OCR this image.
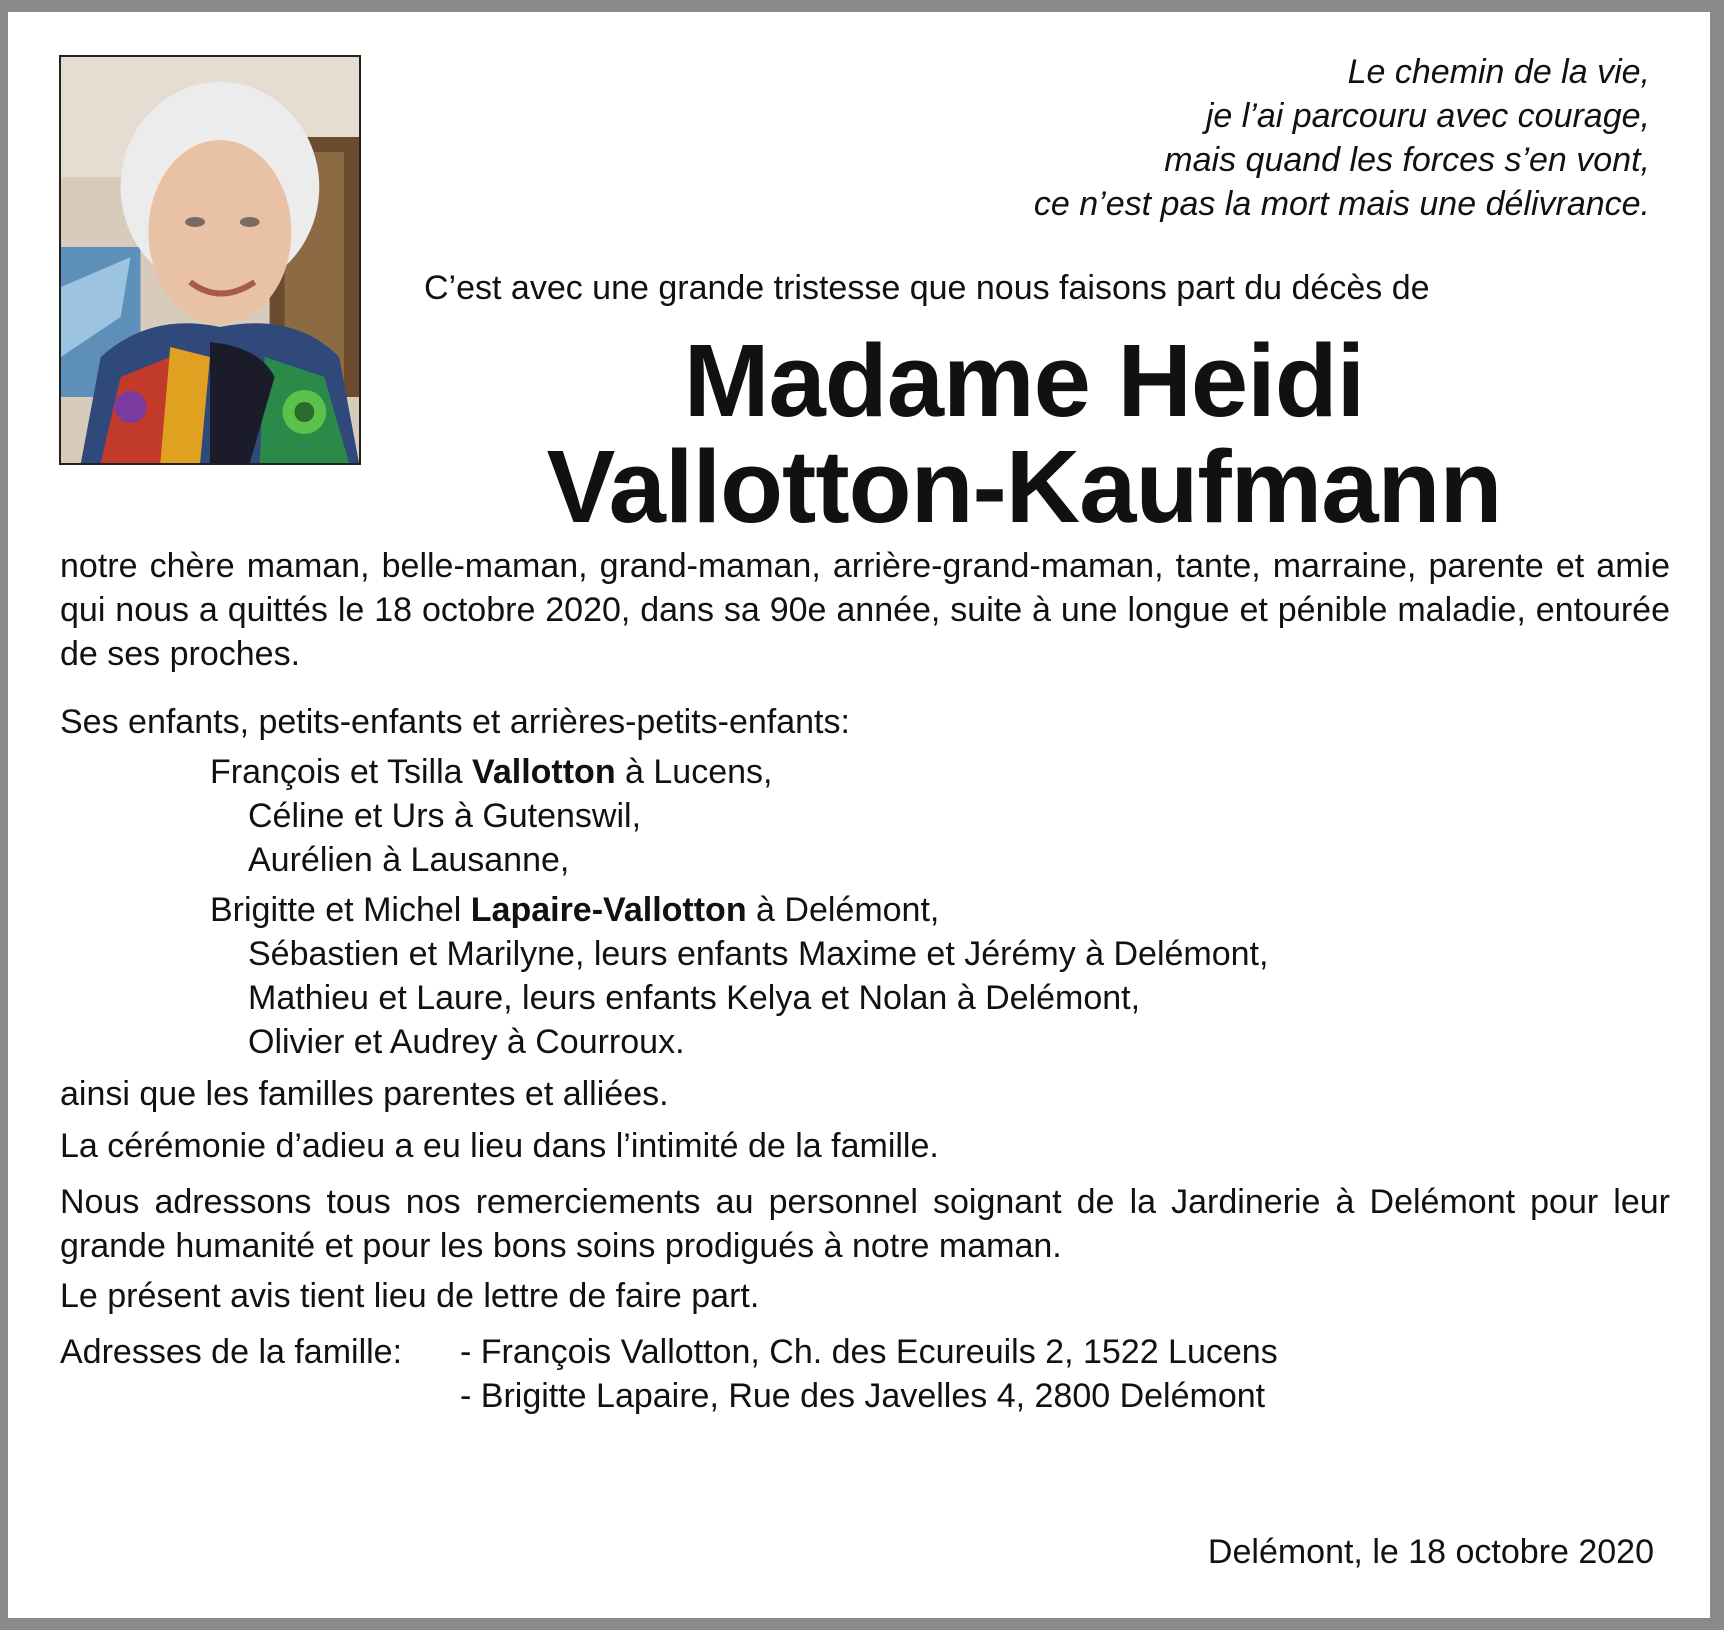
Le chemin de la vie,
je l’ai parcouru avec courage,
mais quand les forces s’en vont,
ce n’est pas la mort mais une délivrance.
C’est avec une grande tristesse que nous faisons part du décès de
Madame Heidi
Vallotton-Kaufmann
notre chère maman, belle-maman, grand-maman, arrière-grand-maman, tante, marraine, parente et amie qui nous a quittés le 18 octobre 2020, dans sa 90e année, suite à une longue et pénible maladie, entourée de ses proches.
Ses enfants, petits-enfants et arrières-petits-enfants:
François et Tsilla Vallotton à Lucens,
Céline et Urs à Gutenswil,
Aurélien à Lausanne,
Brigitte et Michel Lapaire-Vallotton à Delémont,
Sébastien et Marilyne, leurs enfants Maxime et Jérémy à Delémont,
Mathieu et Laure, leurs enfants Kelya et Nolan à Delémont,
Olivier et Audrey à Courroux.
ainsi que les familles parentes et alliées.
La cérémonie d’adieu a eu lieu dans l’intimité de la famille.
Nous adressons tous nos remerciements au personnel soignant de la Jardinerie à Delémont pour leur grande humanité et pour les bons soins prodigués à notre maman.
Le présent avis tient lieu de lettre de faire part.
Adresses de la famille:	- François Vallotton, Ch. des Ecureuils 2, 1522 Lucens
- Brigitte Lapaire, Rue des Javelles 4, 2800 Delémont
Delémont, le 18 octobre 2020
